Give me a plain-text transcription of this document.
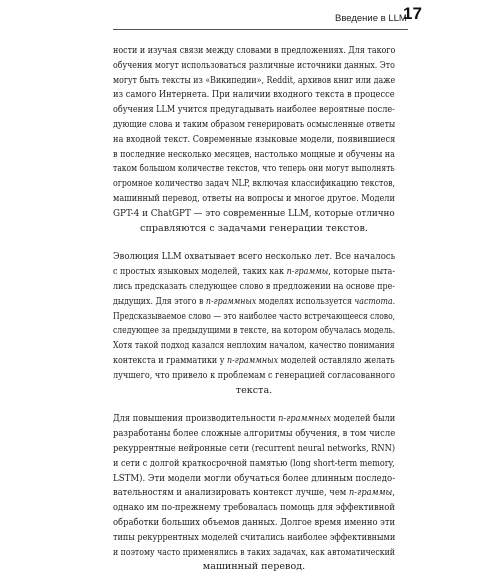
Введение в LLM
17

ности и изучая связи между словами в предложениях. Для такого
обучения могут использоваться различные источники данных. Это
могут быть тексты из «Википедии», Reddit, архивов книг или даже
из самого Интернета. При наличии входного текста в процессе
обучения LLM учится предугадывать наиболее вероятные после-
дующие слова и таким образом генерировать осмысленные ответы
на входной текст. Современные языковые модели, появившиеся
в последние несколько месяцев, настолько мощные и обучены на
таком большом количестве текстов, что теперь они могут выполнять
огромное количество задач NLP, включая классификацию текстов,
машинный перевод, ответы на вопросы и многое другое. Модели
GPT-4 и ChatGPT — это современные LLM, которые отлично
справляются с задачами генерации текстов.

Эволюция LLM охватывает всего несколько лет. Все началось
с простых языковых моделей, таких как n-граммы, которые пыта-
лись предсказать следующее слово в предложении на основе пре-
дыдущих. Для этого в n-граммных моделях используется частота.
Предсказываемое слово — это наиболее часто встречающееся слово,
следующее за предыдущими в тексте, на котором обучалась модель.
Хотя такой подход казался неплохим началом, качество понимания
контекста и грамматики у n-граммных моделей оставляло желать
лучшего, что привело к проблемам с генерацией согласованного
текста.

Для повышения производительности n-граммных моделей были
разработаны более сложные алгоритмы обучения, в том числе
рекуррентные нейронные сети (recurrent neural networks, RNN)
и сети с долгой краткосрочной памятью (long short-term memory,
LSTM). Эти модели могли обучаться более длинным последо-
вательностям и анализировать контекст лучше, чем n-граммы,
однако им по-прежнему требовалась помощь для эффективной
обработки больших объемов данных. Долгое время именно эти
типы рекуррентных моделей считались наиболее эффективными
и поэтому часто применялись в таких задачах, как автоматический
машинный перевод.
